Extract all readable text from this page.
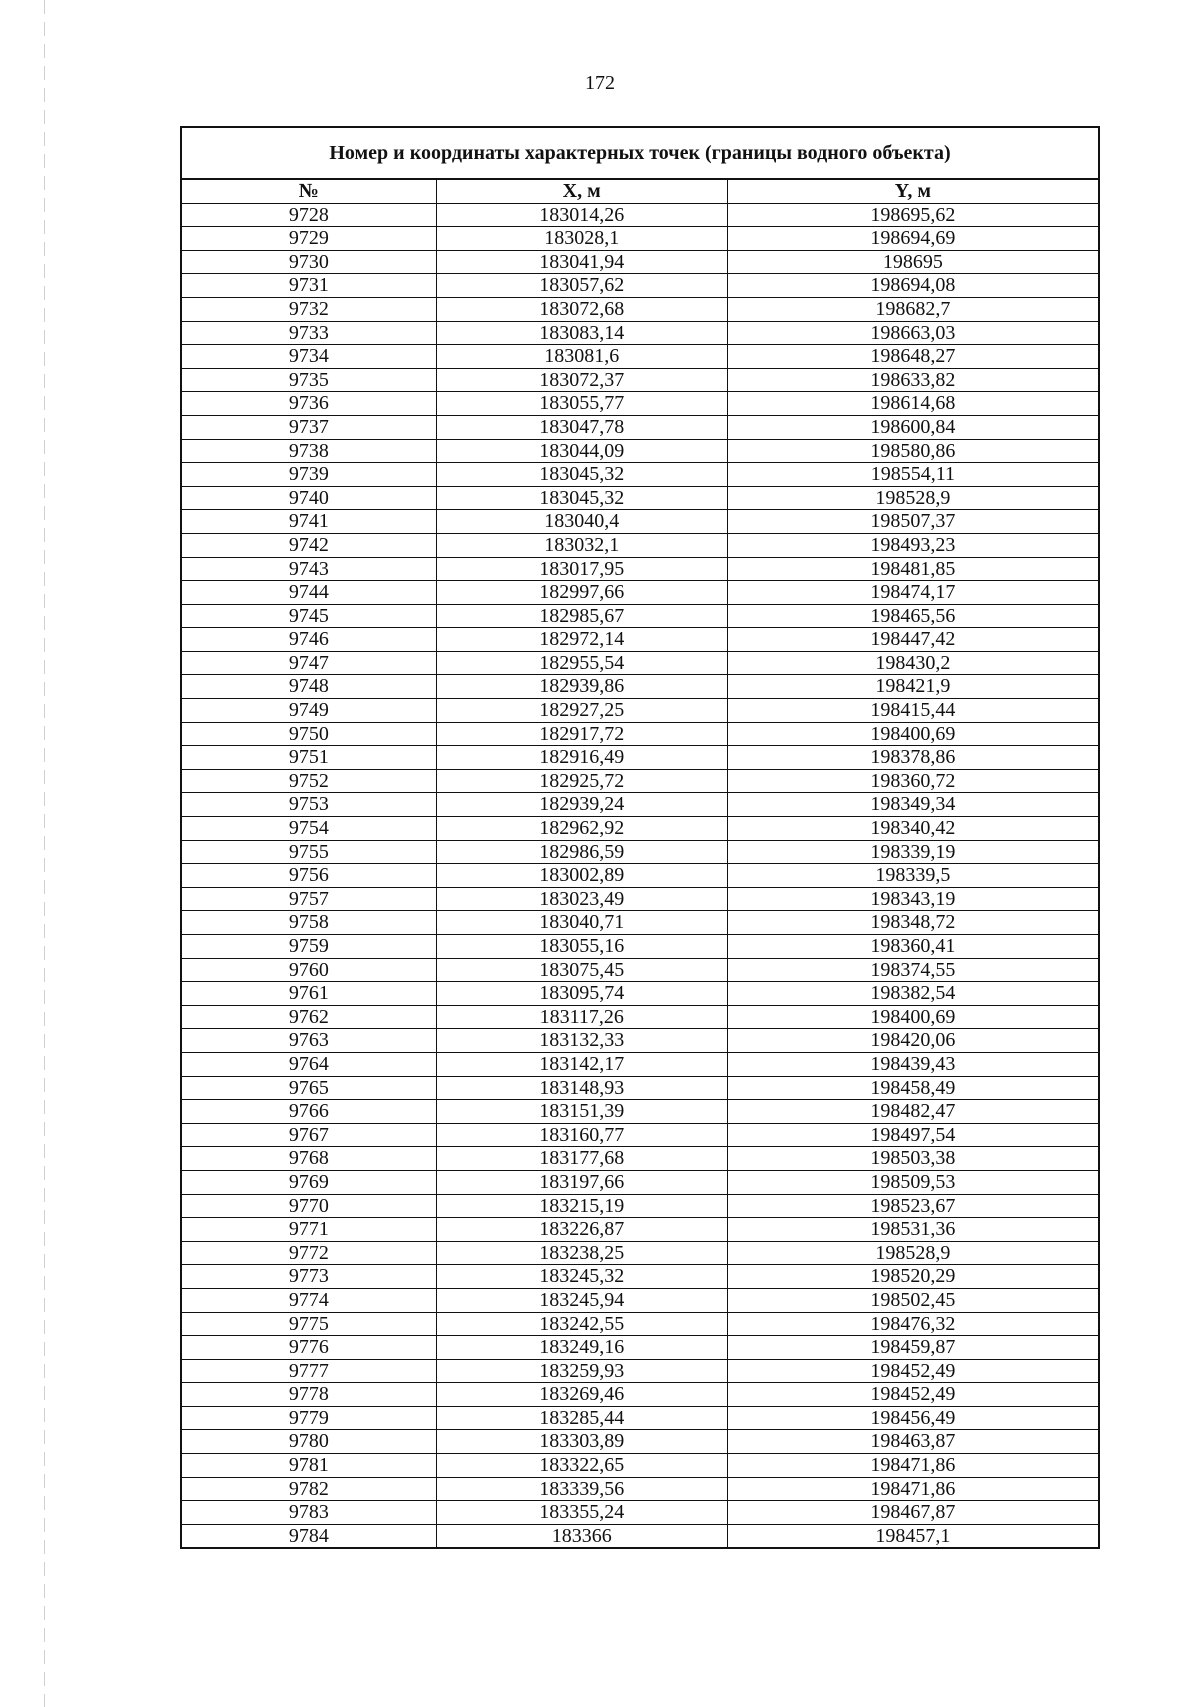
172
Номер и координаты характерных точек (границы водного объекта)		
№	X, м	Y, м
9728	183014,26	198695,62
9729	183028,1	198694,69
9730	183041,94	198695
9731	183057,62	198694,08
9732	183072,68	198682,7
9733	183083,14	198663,03
9734	183081,6	198648,27
9735	183072,37	198633,82
9736	183055,77	198614,68
9737	183047,78	198600,84
9738	183044,09	198580,86
9739	183045,32	198554,11
9740	183045,32	198528,9
9741	183040,4	198507,37
9742	183032,1	198493,23
9743	183017,95	198481,85
9744	182997,66	198474,17
9745	182985,67	198465,56
9746	182972,14	198447,42
9747	182955,54	198430,2
9748	182939,86	198421,9
9749	182927,25	198415,44
9750	182917,72	198400,69
9751	182916,49	198378,86
9752	182925,72	198360,72
9753	182939,24	198349,34
9754	182962,92	198340,42
9755	182986,59	198339,19
9756	183002,89	198339,5
9757	183023,49	198343,19
9758	183040,71	198348,72
9759	183055,16	198360,41
9760	183075,45	198374,55
9761	183095,74	198382,54
9762	183117,26	198400,69
9763	183132,33	198420,06
9764	183142,17	198439,43
9765	183148,93	198458,49
9766	183151,39	198482,47
9767	183160,77	198497,54
9768	183177,68	198503,38
9769	183197,66	198509,53
9770	183215,19	198523,67
9771	183226,87	198531,36
9772	183238,25	198528,9
9773	183245,32	198520,29
9774	183245,94	198502,45
9775	183242,55	198476,32
9776	183249,16	198459,87
9777	183259,93	198452,49
9778	183269,46	198452,49
9779	183285,44	198456,49
9780	183303,89	198463,87
9781	183322,65	198471,86
9782	183339,56	198471,86
9783	183355,24	198467,87
9784	183366	198457,1
